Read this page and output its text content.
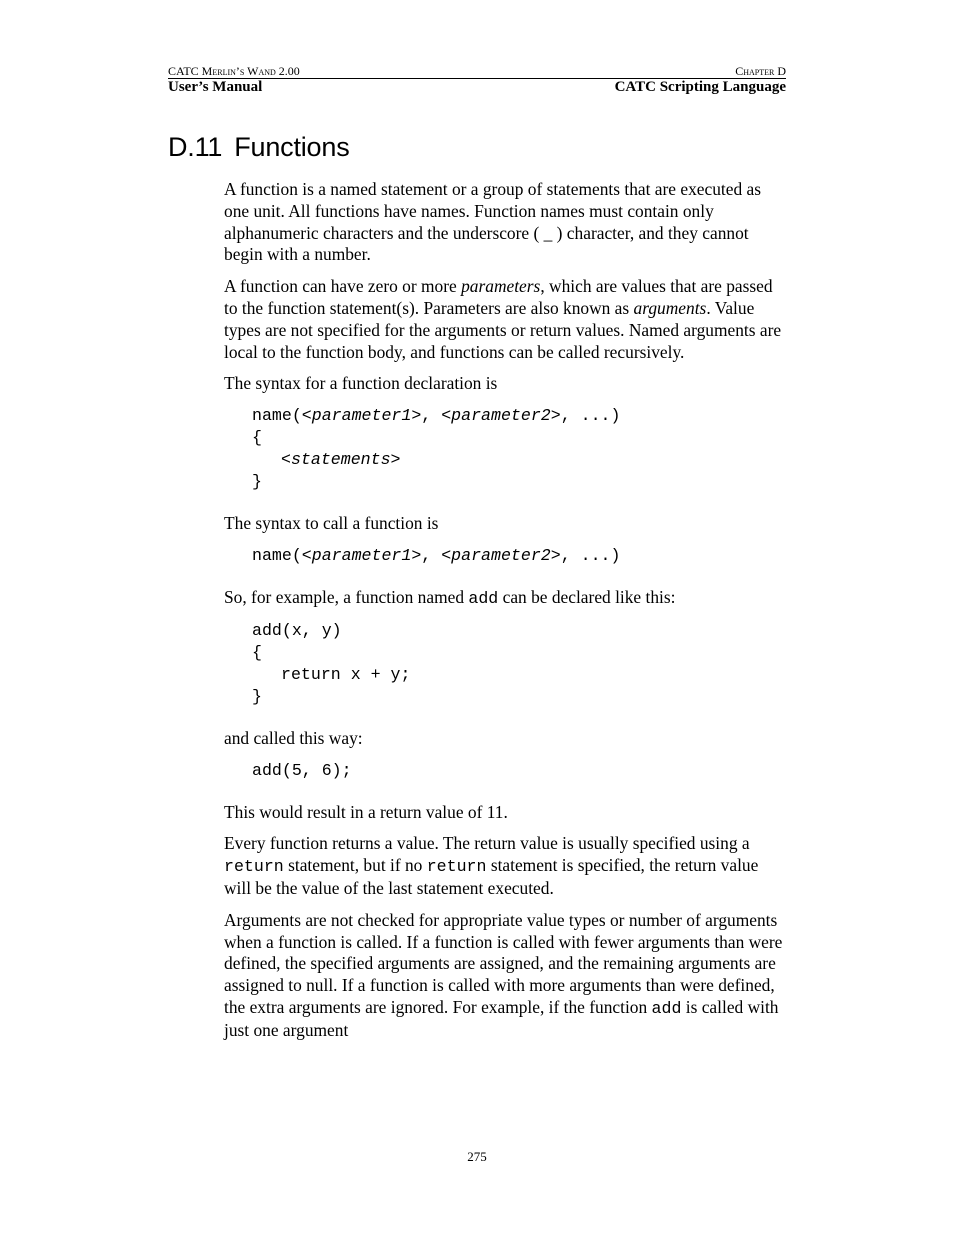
CATC Merlin’s Wand 2.00	Chapter D
User’s Manual	CATC Scripting Language
D.11 Functions

A function is a named statement or a group of statements that are executed as one unit. All functions have names. Function names must contain only alphanumeric characters and the underscore ( _ ) character, and they cannot begin with a number.

A function can have zero or more parameters, which are values that are passed to the function statement(s). Parameters are also known as arguments. Value types are not specified for the arguments or return values. Named arguments are local to the function body, and functions can be called recursively.

The syntax for a function declaration is

name(<parameter1>, <parameter2>, ...)
{
<statements>
}

The syntax to call a function is

name(<parameter1>, <parameter2>, ...)

So, for example, a function named add can be declared like this:

add(x, y)
{
return x + y;
}

and called this way:

add(5, 6);

This would result in a return value of 11.

Every function returns a value. The return value is usually specified using a return statement, but if no return statement is specified, the return value will be the value of the last statement executed.

Arguments are not checked for appropriate value types or number of arguments when a function is called. If a function is called with fewer arguments than were defined, the specified arguments are assigned, and the remaining arguments are assigned to null. If a function is called with more arguments than were defined, the extra arguments are ignored. For example, if the function add is called with just one argument

275
